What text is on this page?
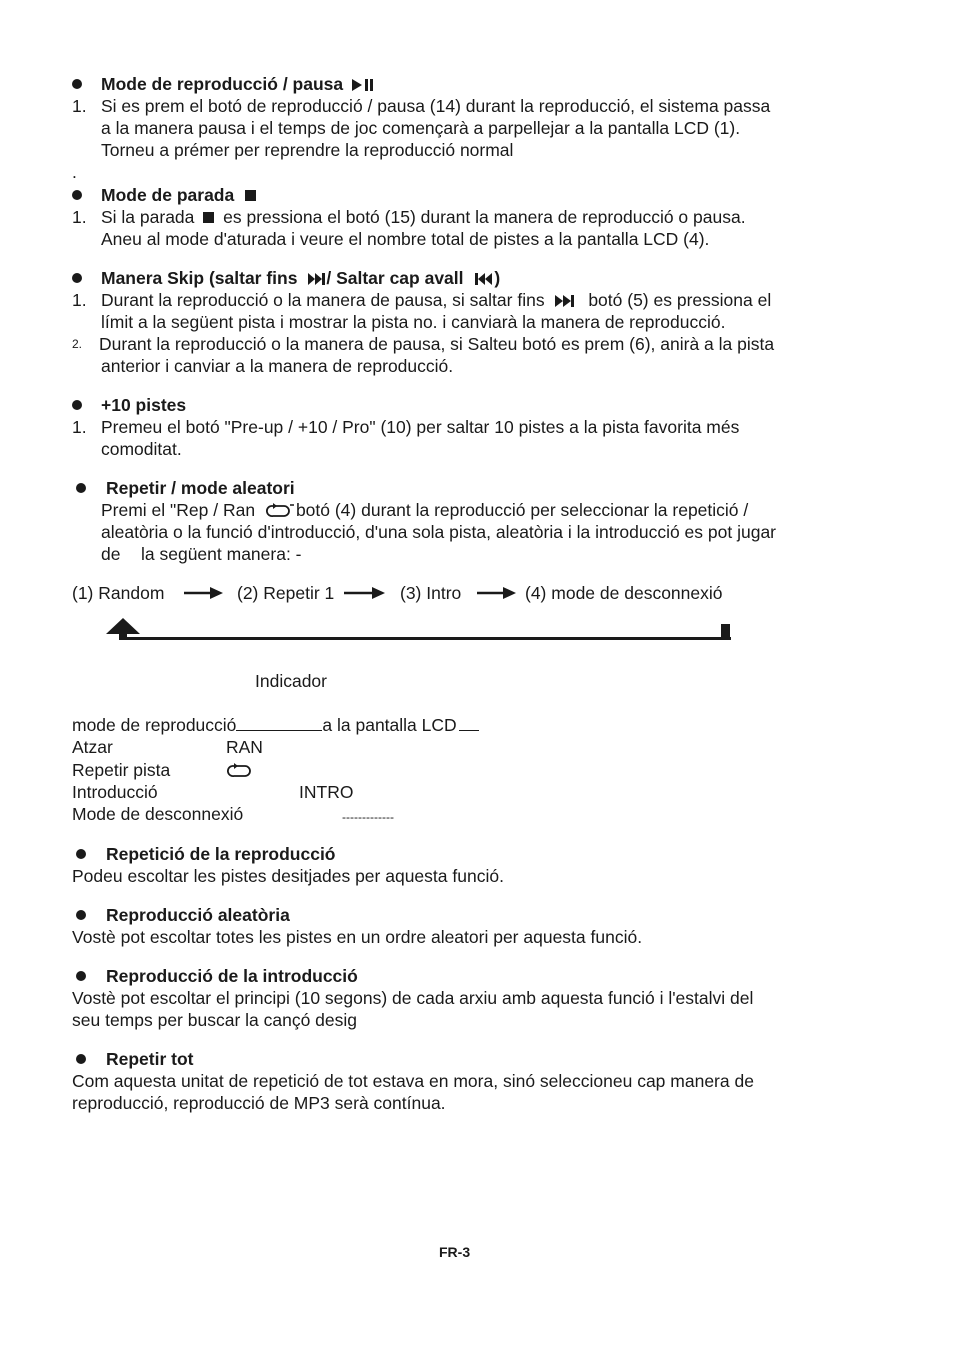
Mode de reproducció / pausa
1. Si es prem el botó de reproducció / pausa (14) durant la reproducció, el sistema passa
a la manera pausa i el temps de joc començarà a parpellejar a la pantalla LCD (1).
Torneu a prémer per reprendre la reproducció normal
.
Mode de parada
1. Si la parada es pressiona el botó (15) durant la manera de reproducció o pausa.
Aneu al mode d'aturada i veure el nombre total de pistes a la pantalla LCD (4).
Manera Skip (saltar fins / Saltar cap avall )
1. Durant la reproducció o la manera de pausa, si saltar fins	botó (5) es pressiona el
límit a la següent pista i mostrar la pista no. i canviarà la manera de reproducció.
2. Durant la reproducció o la manera de pausa, si Salteu botó es prem (6), anirà a la pista
anterior i canviar a la manera de reproducció.
+10 pistes
1. Premeu el botó "Pre-up / +10 / Pro" (10) per saltar 10 pistes a la pista favorita més
comoditat.
Repetir / mode aleatori
Premi el "Rep / Ran botó (4) durant la reproducció per seleccionar la repetició /
aleatòria o la funció d'introducció, d'una sola pista, aleatòria i la introducció es pot jugar
de la següent manera: -
(1) Random	(2) Repetir 1	(3) Intro	(4) mode de desconnexió
Indicador
mode de reproducció	a la pantalla LCD
Atzar	RAN
Repetir pista
Introducció	INTRO
Mode de desconnexió	-------------
Repetició de la reproducció
Podeu escoltar les pistes desitjades per aquesta funció.
Reproducció aleatòria
Vostè pot escoltar totes les pistes en un ordre aleatori per aquesta funció.
Reproducció de la introducció
Vostè pot escoltar el principi (10 segons) de cada arxiu amb aquesta funció i l'estalvi del
seu temps per buscar la cançó desig
Repetir tot
Com aquesta unitat de repetició de tot estava en mora, sinó seleccioneu cap manera de
reproducció, reproducció de MP3 serà contínua.
FR-3
